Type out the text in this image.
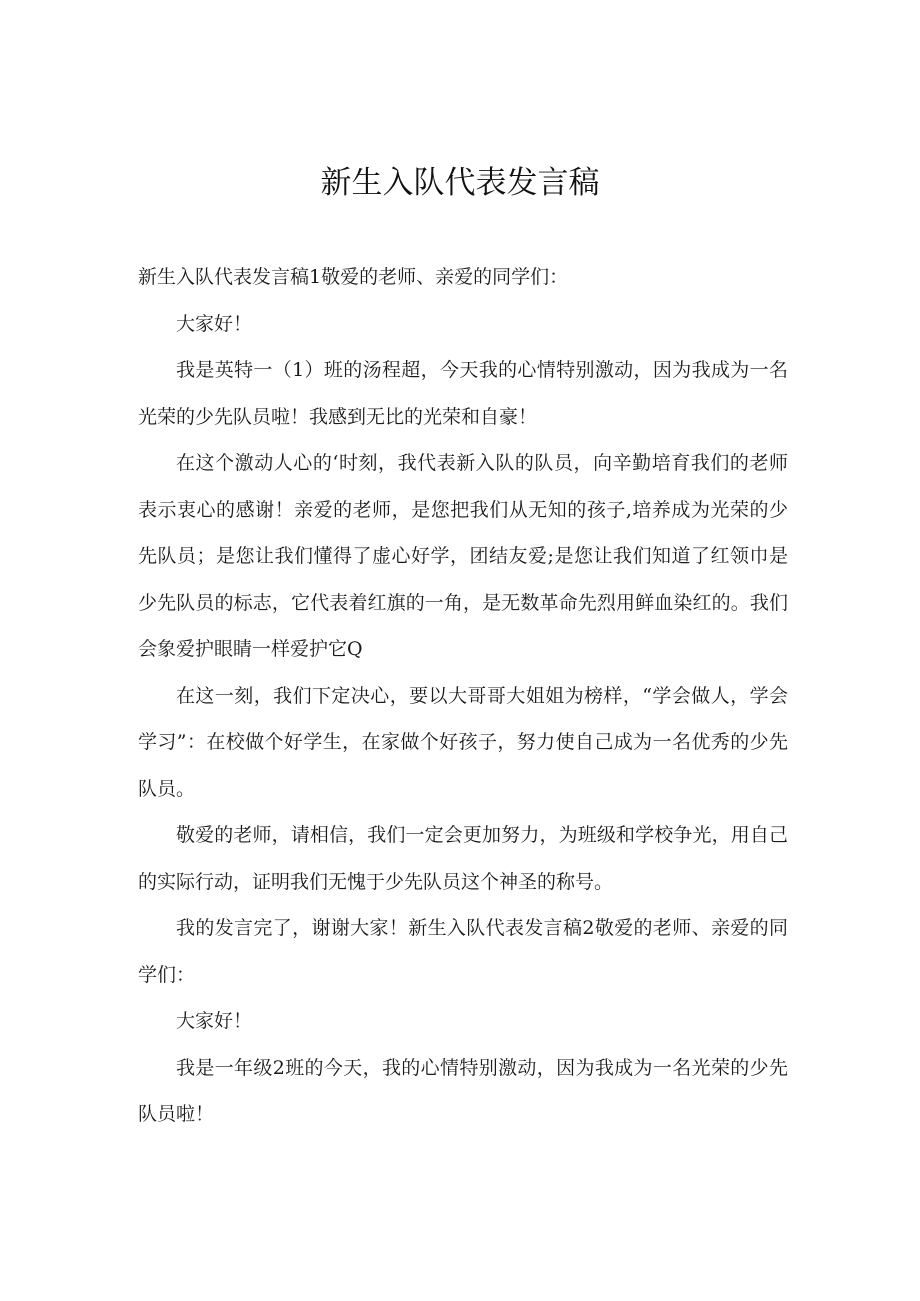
新生入队代表发言稿

新生入队代表发言稿1敬爱的老师、亲爱的同学们：

大家好！

我是英特一（1）班的汤程超，今天我的心情特别激动，因为我成为一名光荣的少先队员啦！我感到无比的光荣和自豪！

在这个激动人心的‘时刻，我代表新入队的队员，向辛勤培育我们的老师表示衷心的感谢！亲爱的老师，是您把我们从无知的孩子,培养成为光荣的少先队员；是您让我们懂得了虚心好学，团结友爱;是您让我们知道了红领巾是少先队员的标志，它代表着红旗的一角，是无数革命先烈用鲜血染红的。我们会象爱护眼睛一样爱护它Q

在这一刻，我们下定决心，要以大哥哥大姐姐为榜样，“学会做人，学会学习”：在校做个好学生，在家做个好孩子，努力使自己成为一名优秀的少先队员。

敬爱的老师，请相信，我们一定会更加努力，为班级和学校争光，用自己的实际行动，证明我们无愧于少先队员这个神圣的称号。

我的发言完了，谢谢大家！新生入队代表发言稿2敬爱的老师、亲爱的同学们：

大家好！

我是一年级2班的今天，我的心情特别激动，因为我成为一名光荣的少先队员啦！
